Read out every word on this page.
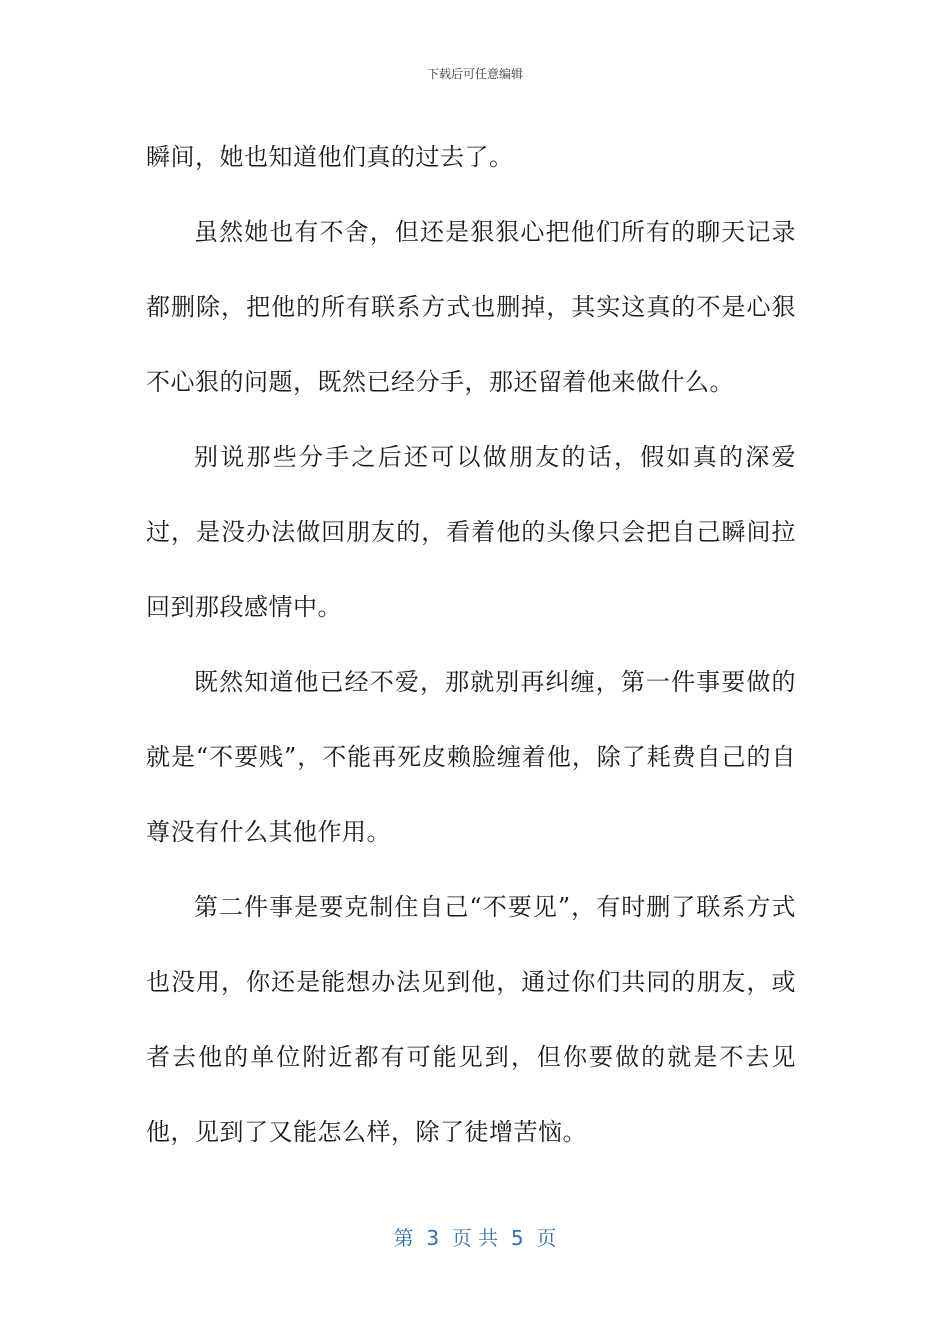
下载后可任意编辑

瞬间，她也知道他们真的过去了。

虽然她也有不舍，但还是狠狠心把他们所有的聊天记录都删除，把他的所有联系方式也删掉，其实这真的不是心狠不心狠的问题，既然已经分手，那还留着他来做什么。

别说那些分手之后还可以做朋友的话，假如真的深爱过，是没办法做回朋友的，看着他的头像只会把自己瞬间拉回到那段感情中。

既然知道他已经不爱，那就别再纠缠，第一件事要做的就是“不要贱”，不能再死皮赖脸缠着他，除了耗费自己的自尊没有什么其他作用。

第二件事是要克制住自己“不要见”，有时删了联系方式也没用，你还是能想办法见到他，通过你们共同的朋友，或者去他的单位附近都有可能见到，但你要做的就是不去见他，见到了又能怎么样，除了徒增苦恼。

第  3  页 共  5  页
